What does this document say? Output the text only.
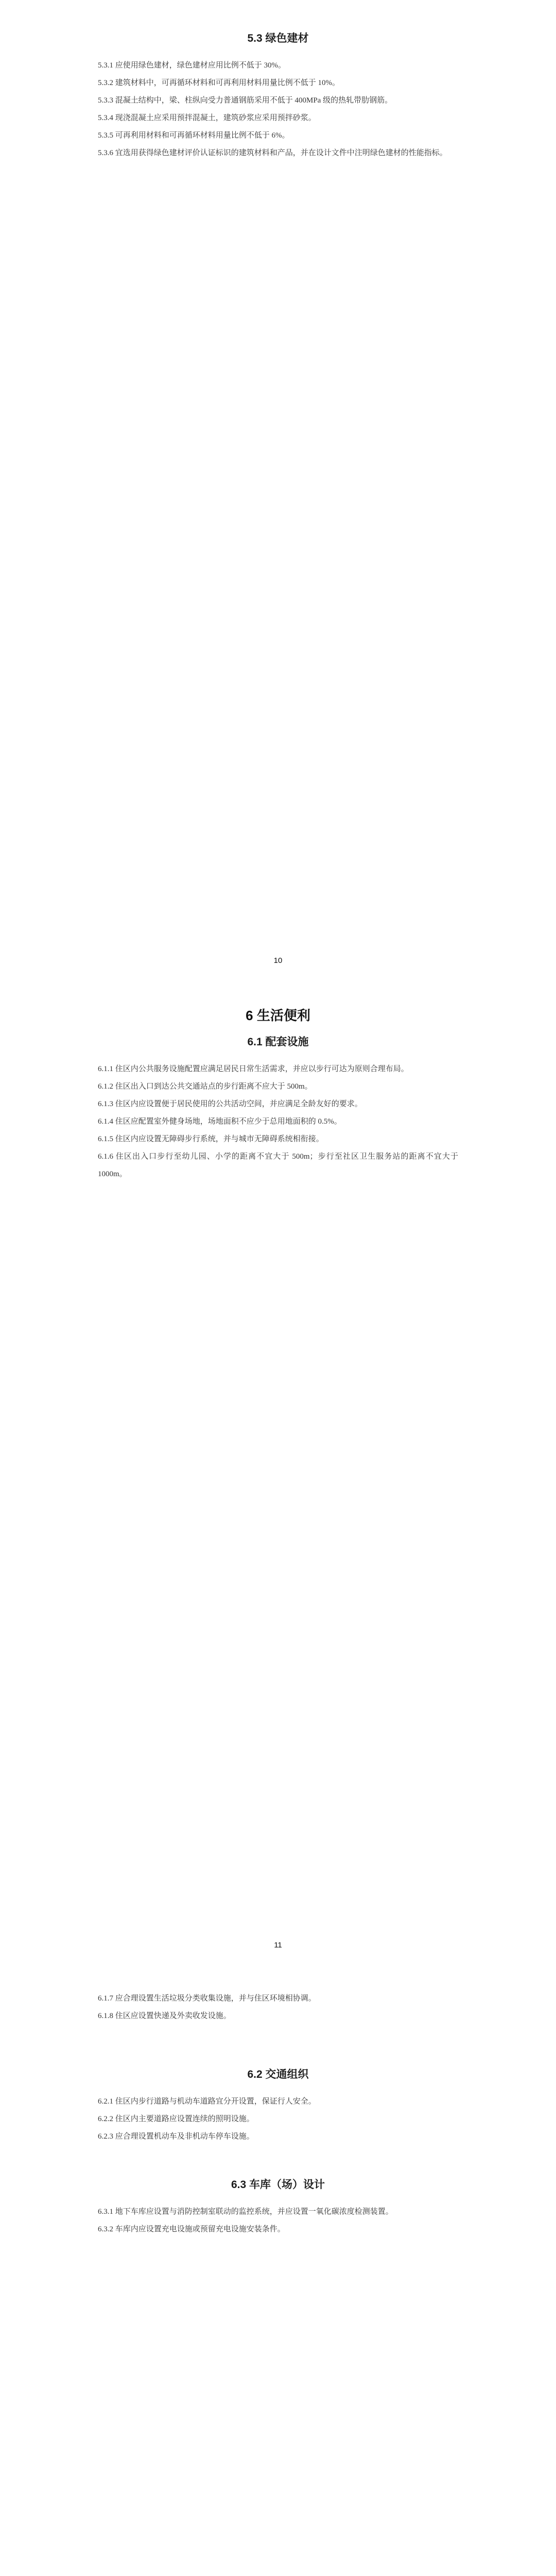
5.3 绿色建材

5.3.1 应使用绿色建材，绿色建材应用比例不低于 30%。

5.3.2 建筑材料中，可再循环材料和可再利用材料用量比例不低于 10%。

5.3.3 混凝土结构中，梁、柱纵向受力普通钢筋采用不低于 400MPa 级的热轧带肋钢筋。

5.3.4 现浇混凝土应采用预拌混凝土，建筑砂浆应采用预拌砂浆。

5.3.5 可再利用材料和可再循环材料用量比例不低于 6%。

5.3.6 宜选用获得绿色建材评价认证标识的建筑材料和产品，并在设计文件中注明绿色建材的性能指标。

10
6 生活便利
6.1 配套设施

6.1.1 住区内公共服务设施配置应满足居民日常生活需求，并应以步行可达为原则合理布局。

6.1.2 住区出入口到达公共交通站点的步行距离不应大于 500m。

6.1.3 住区内应设置便于居民使用的公共活动空间，并应满足全龄友好的要求。

6.1.4 住区应配置室外健身场地，场地面积不应少于总用地面积的 0.5%。

6.1.5 住区内应设置无障碍步行系统，并与城市无障碍系统相衔接。

6.1.6 住区出入口步行至幼儿园、小学的距离不宜大于 500m；步行至社区卫生服务站的距离不宜大于 1000m。

11

6.1.7 应合理设置生活垃圾分类收集设施，并与住区环境相协调。

6.1.8 住区应设置快递及外卖收发设施。

6.2 交通组织

6.2.1 住区内步行道路与机动车道路宜分开设置，保证行人安全。

6.2.2 住区内主要道路应设置连续的照明设施。

6.2.3 应合理设置机动车及非机动车停车设施。

6.3 车库（场）设计

6.3.1 地下车库应设置与消防控制室联动的监控系统，并应设置一氧化碳浓度检测装置。

6.3.2 车库内应设置充电设施或预留充电设施安装条件。
